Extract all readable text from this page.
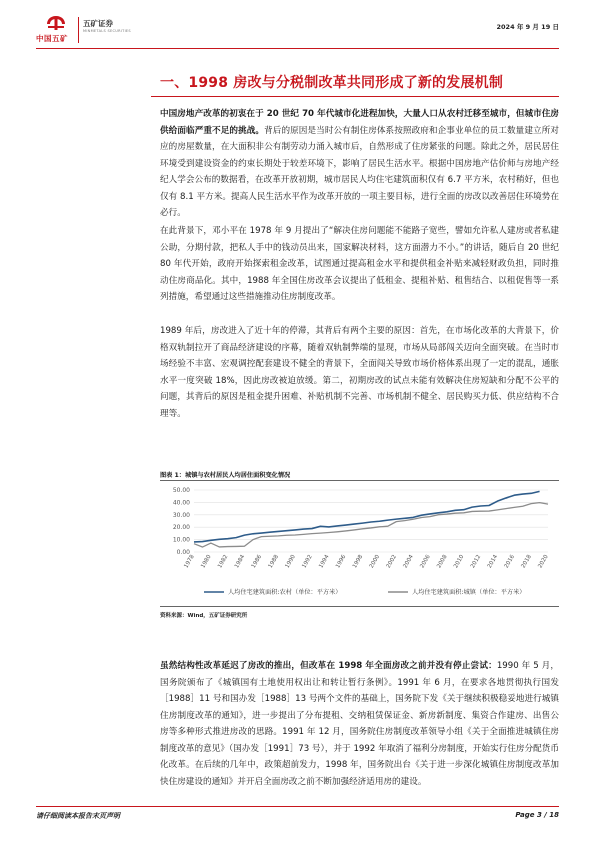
中国五矿
五矿证券
MINMETALS SECURITIES	2024 年 9 月 19 日
一、1998 房改与分税制改革共同形成了新的发展机制

中国房地产改革的初衷在于 20 世纪 70 年代城市化进程加快，大量人口从农村迁移至城市，但城市住房供给面临严重不足的挑战。背后的原因是当时公有制住房体系按照政府和企事业单位的员工数量建立所对应的房屋数量，在大面积非公有制劳动力涌入城市后，自然形成了住房紧张的问题。除此之外，居民居住环境受到建设资金的约束长期处于较差环境下，影响了居民生活水平。根据中国房地产估价师与房地产经纪人学会公布的数据看，在改革开放初期，城市居民人均住宅建筑面积仅有 6.7 平方米，农村稍好，但也仅有 8.1 平方米。提高人民生活水平作为改革开放的一项主要目标，进行全面的房改以改善居住环境势在必行。

在此背景下，邓小平在 1978 年 9 月提出了“解决住房问题能不能路子宽些，譬如允许私人建房或者私建公助，分期付款，把私人手中的钱动员出来，国家解决材料，这方面潜力不小。”的讲话，随后自 20 世纪 80 年代开始，政府开始探索租金改革，试图通过提高租金水平和提供租金补贴来减轻财政负担，同时推动住房商品化。其中，1988 年全国住房改革会议提出了低租金、提租补贴、租售结合、以租促售等一系列措施，希望通过这些措施推动住房制度改革。

1989 年后，房改进入了近十年的停滞，其背后有两个主要的原因：首先，在市场化改革的大背景下，价格双轨制拉开了商品经济建设的序幕，随着双轨制弊端的显现，市场从局部闯关迈向全面突破。在当时市场经验不丰富、宏观调控配套建设不健全的背景下，全面闯关导致市场价格体系出现了一定的混乱，通胀水平一度突破 18%，因此房改被迫放缓。第二，初期房改的试点未能有效解决住房短缺和分配不公平的问题，其背后的原因是租金提升困难、补贴机制不完善、市场机制不健全、居民购买力低、供应结构不合理等。

图表 1：城镇与农村居民人均居住面积变化情况
0.00
10.00
20.00
30.00
40.00
50.00
1978 1980 1982 1984 1986 1988 1990 1992 1994 1996 1998 2000 2002 2004 2006 2008 2010 2012 2014 2016 2018 2020
人均住宅建筑面积:农村（单位：平方米）	人均住宅建筑面积:城镇（单位：平方米）
资料来源：Wind，五矿证券研究所

虽然结构性改革延迟了房改的推出，但改革在 1998 年全面房改之前并没有停止尝试：1990 年 5 月，国务院颁布了《城镇国有土地使用权出让和转让暂行条例》。1991 年 6 月，在要求各地贯彻执行国发［1988］11 号和国办发［1988］13 号两个文件的基础上，国务院下发《关于继续积极稳妥地进行城镇住房制度改革的通知》，进一步提出了分布提租、交纳租赁保证金、新房新制度、集资合作建房、出售公房等多种形式推进房改的思路。1991 年 12 月，国务院住房制度改革领导小组《关于全面推进城镇住房制度改革的意见》（国办发［1991］73 号），并于 1992 年取消了福利分房制度，开始实行住房分配货币化改革。在后续的几年中，政策超前发力，1998 年，国务院出台《关于进一步深化城镇住房制度改革加快住房建设的通知》并开启全面房改之前不断加强经济适用房的建设。

请仔细阅读本报告末页声明	Page 3 / 18
